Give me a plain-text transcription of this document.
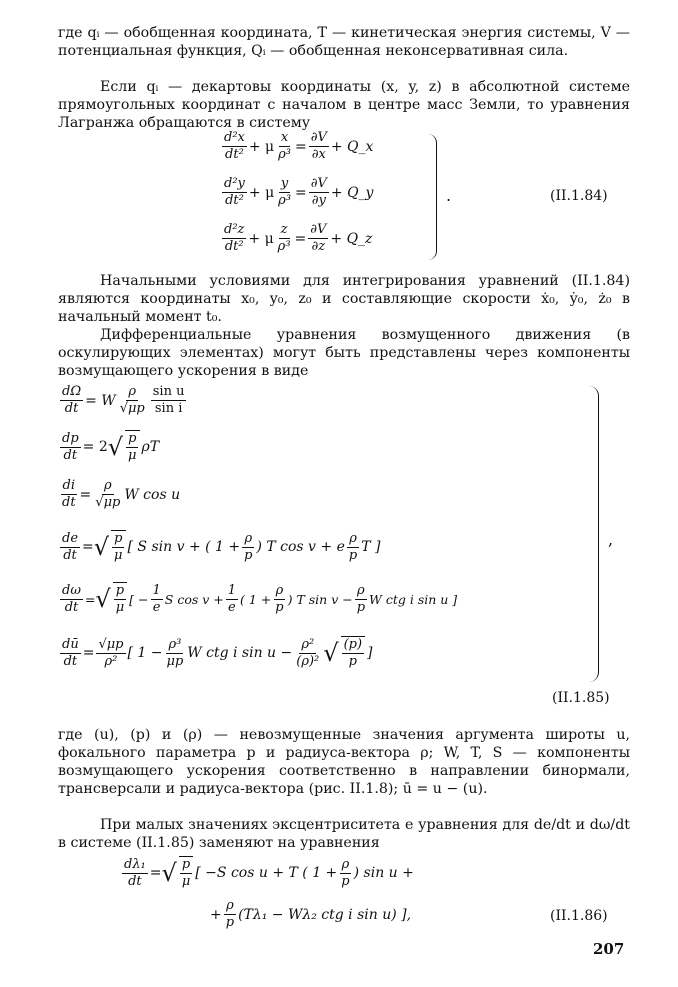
где qᵢ — обобщенная координата, T — кинетическая энергия системы, V — потенциальная функция, Qᵢ — обобщенная неконсервативная сила.

Если qᵢ — декартовы координаты (x, y, z) в абсолютной системе прямоугольных координат с началом в центре масс Земли, то уравнения Лагранжа обращаются в систему

$\frac{\text{d²x}}{\text{dt²}} + \mu \frac{x}{\text{ρ³}} = \frac{\partial V}{\partial x}$ + Q_x
$\frac{\text{d²y}}{\text{dt²}} + \mu \frac{y}{\text{ρ³}} = \frac{\partial V}{\partial y}$ + Q_y
$\frac{\text{d²z}}{\text{dt²}} + \mu \frac{z}{\text{ρ³}} = \frac{\partial V}{\partial z}$ + Q_z
.	(II.1.84)

Начальными условиями для интегрирования уравнений (II.1.84) являются координаты x₀, y₀, z₀ и составляющие скорости ẋ₀, ẏ₀, ż₀ в начальный момент t₀.

Дифференциальные уравнения возмущенного движения (в оскулирующих элементах) могут быть представлены через компоненты возмущающего ускорения в виде

$\frac{d\Omega}{dt} = W \frac{\rho}{√\mu p} \frac{\text{sin u}}{\text{sin i}}$
$\frac{dp}{dt} = 2$ √ $\frac{p}{\mu}$ ρT
$\frac{di}{dt} = \frac{\rho}{√\mu p}$ W cos u
$\frac{de}{dt}$ = √ $\frac{p}{\mu}$ [ S sin v + ( $1 + \frac{\rho}{p}$ ) T cos v + e $\frac{\rho}{p}$ T ]
$\frac{d\omega}{dt}$ = √ $\frac{p}{\mu}$ [ − $\frac{1}{e}$ S $\cos v + \frac{1}{e}$ ( $1 + \frac{\rho}{p}$ ) T $\sin v - \frac{\rho}{p}$ W ctg i sin u ]
$\frac{dū}{dt} = \frac{√\mu p}{\text{ρ²}}$ [ $1 - \frac{\text{ρ³}}{\mu p}$ W ctg i $\sin u - \frac{\text{ρ²}}{\text{(ρ)²}}$ √ $\frac{(p)}{p}$ ]
,
(II.1.85)

где (u), (p) и (ρ) — невозмущенные значения аргумента широты u, фокального параметра p и радиуса-вектора ρ; W, T, S — компоненты возмущающего ускорения соответственно в направлении бинормали, трансверсали и радиуса-вектора (рис. II.1.8); ū = u − (u).

При малых значениях эксцентриситета e уравнения для de/dt и dω/dt в системе (II.1.85) заменяют на уравнения

$\frac{\text{dλ₁}}{dt}$ = √ $\frac{p}{\mu}$ [ −S cos u + T ( $1 + \frac{\rho}{p}$ ) sin u +
+ $\frac{\rho}{p} (T\lambda_1 - W\lambda_2$ ctg i sin u) ],	(II.1.86)
207
